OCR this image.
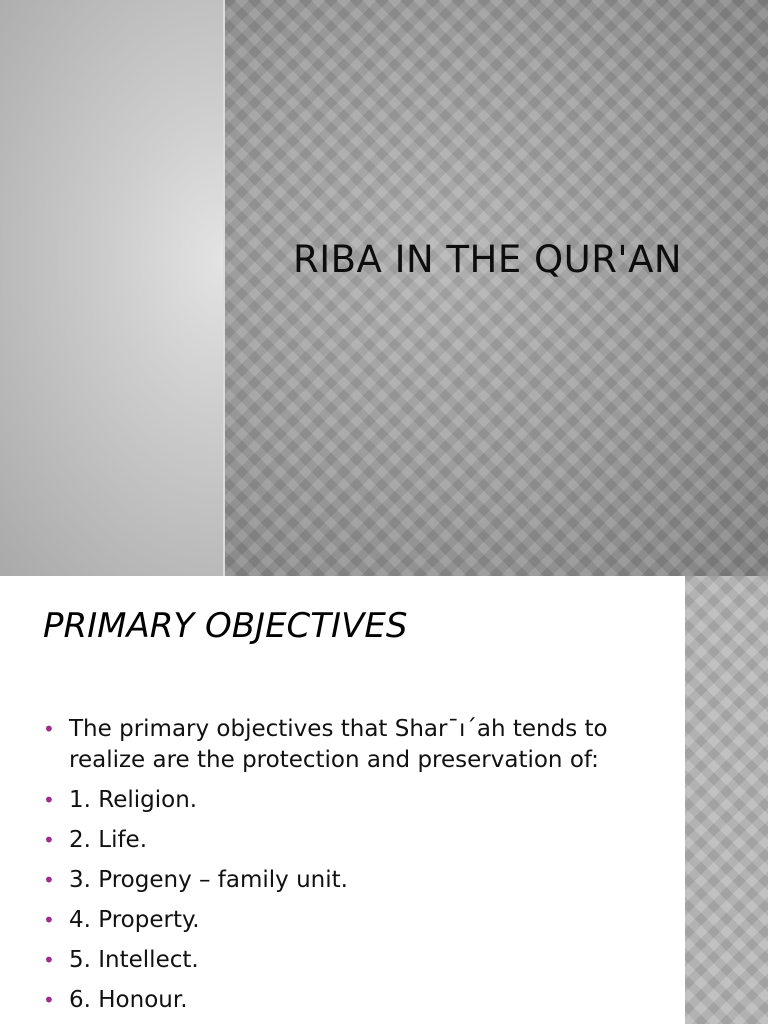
RIBA IN THE QUR'AN
PRIMARY OBJECTIVES
• The primary objectives that Shar¯ı´ah tends to realize are the protection and preservation of:
• 1. Religion.
• 2. Life.
• 3. Progeny – family unit.
• 4. Property.
• 5. Intellect.
• 6. Honour.
